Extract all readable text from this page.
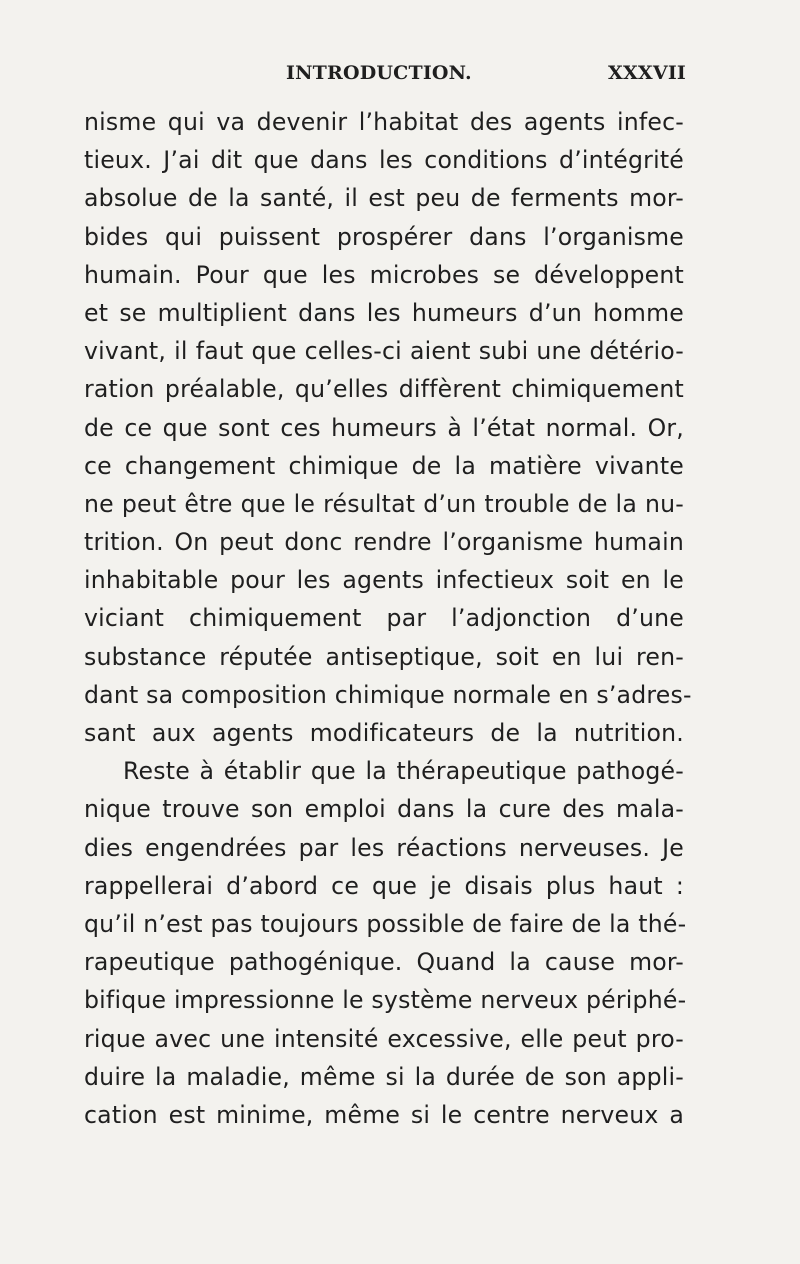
INTRODUCTION.	XXXVII
nisme qui va devenir l’habitat des agents infec-
tieux. J’ai dit que dans les conditions d’intégrité
absolue de la santé, il est peu de ferments mor-
bides qui puissent prospérer dans l’organisme
humain. Pour que les microbes se développent
et se multiplient dans les humeurs d’un homme
vivant, il faut que celles-ci aient subi une détério-
ration préalable, qu’elles diffèrent chimiquement
de ce que sont ces humeurs à l’état normal. Or,
ce changement chimique de la matière vivante
ne peut être que le résultat d’un trouble de la nu-
trition. On peut donc rendre l’organisme humain
inhabitable pour les agents infectieux soit en le
viciant chimiquement par l’adjonction d’une
substance réputée antiseptique, soit en lui ren-
dant sa composition chimique normale en s’adres-
sant aux agents modificateurs de la nutrition.
Reste à établir que la thérapeutique pathogé-
nique trouve son emploi dans la cure des mala-
dies engendrées par les réactions nerveuses. Je
rappellerai d’abord ce que je disais plus haut :
qu’il n’est pas toujours possible de faire de la thé-
rapeutique pathogénique. Quand la cause mor-
bifique impressionne le système nerveux périphé-
rique avec une intensité excessive, elle peut pro-
duire la maladie, même si la durée de son appli-
cation est minime, même si le centre nerveux a
